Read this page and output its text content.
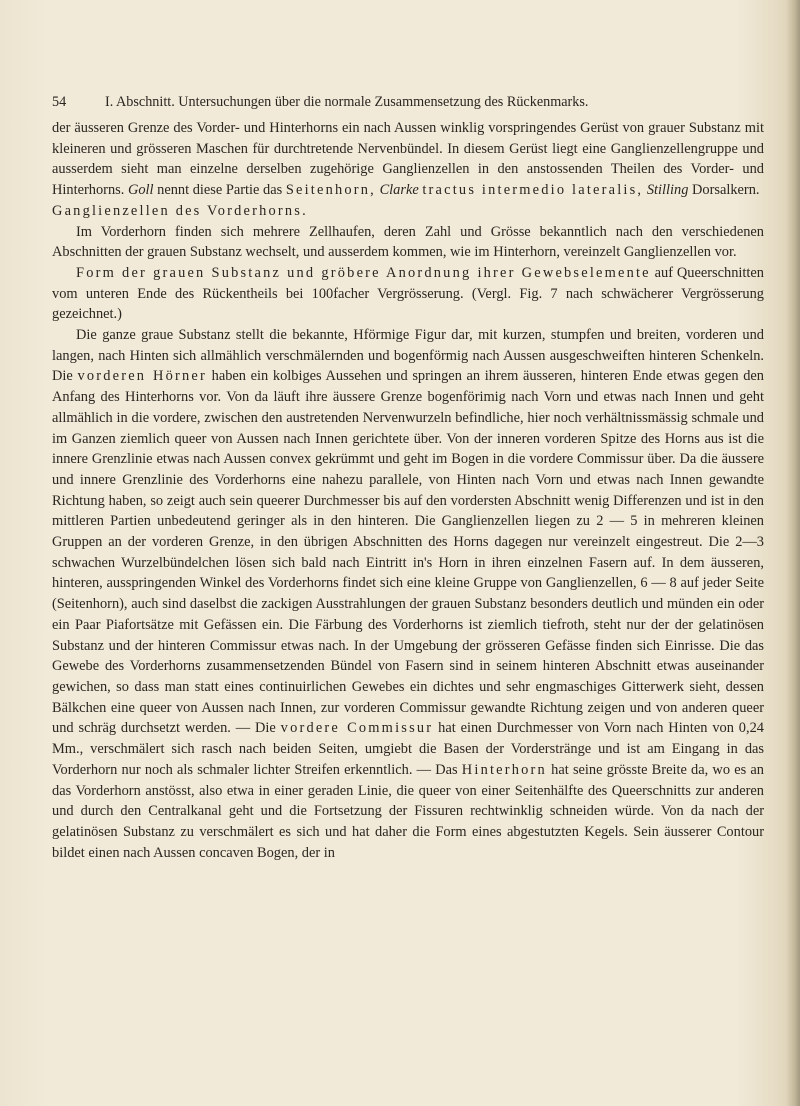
54	I. Abschnitt. Untersuchungen über die normale Zusammensetzung des Rückenmarks.

der äusseren Grenze des Vorder- und Hinterhorns ein nach Aussen winklig vorspringendes Gerüst von grauer Substanz mit kleineren und grösseren Maschen für durchtretende Nervenbündel. In diesem Gerüst liegt eine Ganglienzellengruppe und ausserdem sieht man einzelne derselben zugehörige Ganglienzellen in den anstossenden Theilen des Vorder- und Hinterhorns. Goll nennt diese Partie das Seitenhorn, Clarke tractus intermedio lateralis, Stilling Dorsalkern.

Ganglienzellen des Vorderhorns.

Im Vorderhorn finden sich mehrere Zellhaufen, deren Zahl und Grösse bekanntlich nach den verschiedenen Abschnitten der grauen Substanz wechselt, und ausserdem kommen, wie im Hinterhorn, vereinzelt Ganglienzellen vor.

Form der grauen Substanz und gröbere Anordnung ihrer Gewebselemente auf Queerschnitten vom unteren Ende des Rückentheils bei 100facher Vergrösserung. (Vergl. Fig. 7 nach schwächerer Vergrösserung gezeichnet.)

Die ganze graue Substanz stellt die bekannte, Hförmige Figur dar, mit kurzen, stumpfen und breiten, vorderen und langen, nach Hinten sich allmählich verschmälernden und bogenförmig nach Aussen ausgeschweiften hinteren Schenkeln. Die vorderen Hörner haben ein kolbiges Aussehen und springen an ihrem äusseren, hinteren Ende etwas gegen den Anfang des Hinterhorns vor. Von da läuft ihre äussere Grenze bogenförimig nach Vorn und etwas nach Innen und geht allmählich in die vordere, zwischen den austretenden Nervenwurzeln befindliche, hier noch verhältnissmässig schmale und im Ganzen ziemlich queer von Aussen nach Innen gerichtete über. Von der inneren vorderen Spitze des Horns aus ist die innere Grenzlinie etwas nach Aussen convex gekrümmt und geht im Bogen in die vordere Commissur über. Da die äussere und innere Grenzlinie des Vorderhorns eine nahezu parallele, von Hinten nach Vorn und etwas nach Innen gewandte Richtung haben, so zeigt auch sein queerer Durchmesser bis auf den vordersten Abschnitt wenig Differenzen und ist in den mittleren Partien unbedeutend geringer als in den hinteren. Die Ganglienzellen liegen zu 2 — 5 in mehreren kleinen Gruppen an der vorderen Grenze, in den übrigen Abschnitten des Horns dagegen nur vereinzelt eingestreut. Die 2—3 schwachen Wurzelbündelchen lösen sich bald nach Eintritt in's Horn in ihren einzelnen Fasern auf. In dem äusseren, hinteren, ausspringenden Winkel des Vorderhorns findet sich eine kleine Gruppe von Ganglienzellen, 6 — 8 auf jeder Seite (Seitenhorn), auch sind daselbst die zackigen Ausstrahlungen der grauen Substanz besonders deutlich und münden ein oder ein Paar Piafortsätze mit Gefässen ein. Die Färbung des Vorderhorns ist ziemlich tiefroth, steht nur der der gelatinösen Substanz und der hinteren Commissur etwas nach. In der Umgebung der grösseren Gefässe finden sich Einrisse. Die das Gewebe des Vorderhorns zusammensetzenden Bündel von Fasern sind in seinem hinteren Abschnitt etwas auseinander gewichen, so dass man statt eines continuirlichen Gewebes ein dichtes und sehr engmaschiges Gitterwerk sieht, dessen Bälkchen eine queer von Aussen nach Innen, zur vorderen Commissur gewandte Richtung zeigen und von anderen queer und schräg durchsetzt werden. — Die vordere Commissur hat einen Durchmesser von Vorn nach Hinten von 0,24 Mm., verschmälert sich rasch nach beiden Seiten, umgiebt die Basen der Vorderstränge und ist am Eingang in das Vorderhorn nur noch als schmaler lichter Streifen erkenntlich. — Das Hinterhorn hat seine grösste Breite da, wo es an das Vorderhorn anstösst, also etwa in einer geraden Linie, die queer von einer Seitenhälfte des Queerschnitts zur anderen und durch den Centralkanal geht und die Fortsetzung der Fissuren rechtwinklig schneiden würde. Von da nach der gelatinösen Substanz zu verschmälert es sich und hat daher die Form eines abgestutzten Kegels. Sein äusserer Contour bildet einen nach Aussen concaven Bogen, der in
